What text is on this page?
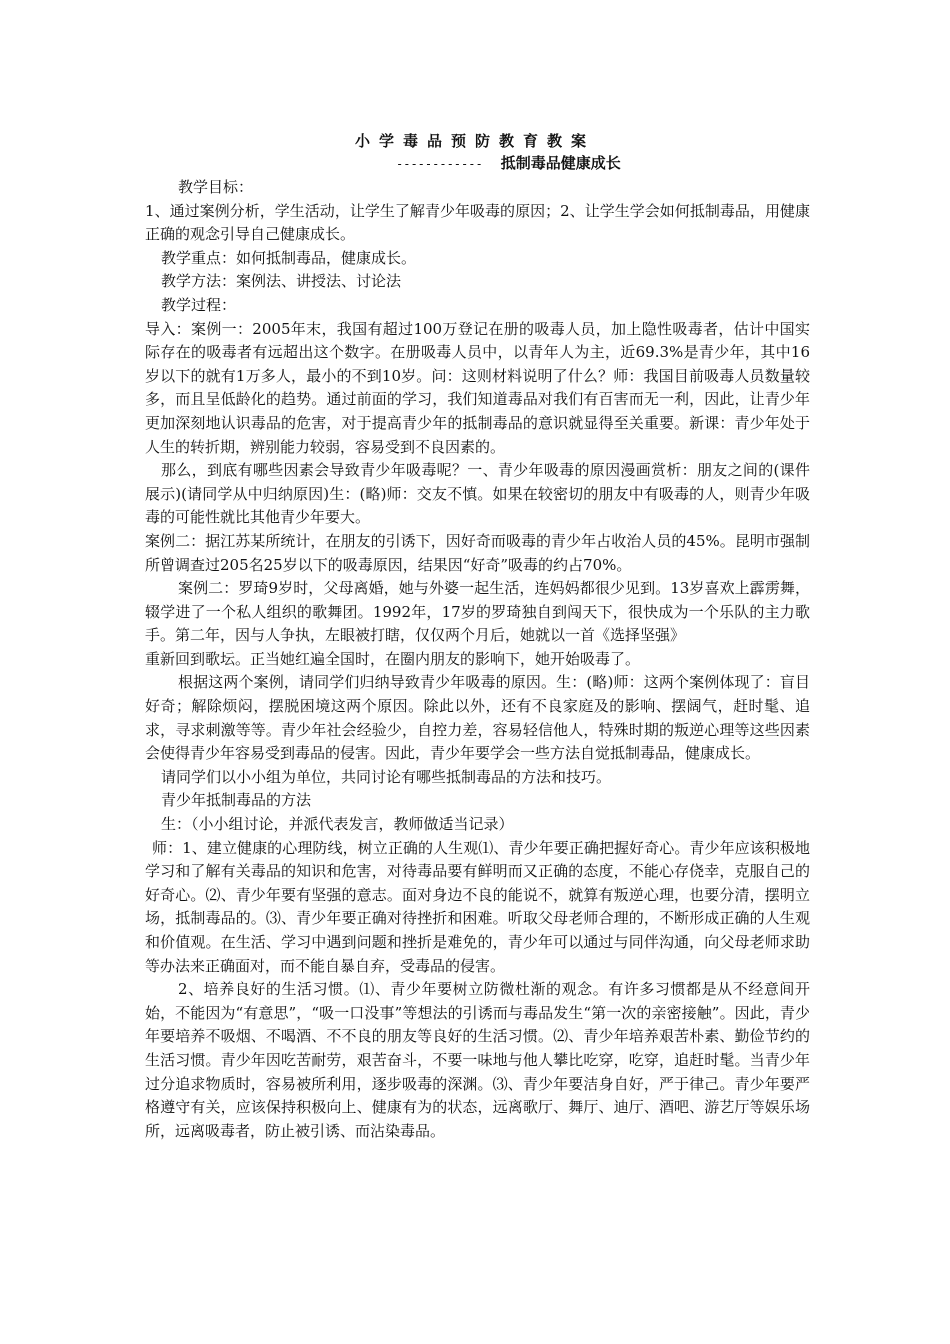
小学毒品预防教育教案
------------ 抵制毒品健康成长

教学目标：

1、通过案例分析，学生活动，让学生了解青少年吸毒的原因；2、让学生学会如何抵制毒品，用健康正确的观念引导自己健康成长。

教学重点：如何抵制毒品，健康成长。

教学方法：案例法、讲授法、讨论法

教学过程：

导入：案例一：2005年末，我国有超过100万登记在册的吸毒人员，加上隐性吸毒者，估计中国实际存在的吸毒者有远超出这个数字。在册吸毒人员中，以青年人为主，近69.3%是青少年，其中16岁以下的就有1万多人，最小的不到10岁。问：这则材料说明了什么？师：我国目前吸毒人员数量较多，而且呈低龄化的趋势。通过前面的学习，我们知道毒品对我们有百害而无一利，因此，让青少年更加深刻地认识毒品的危害，对于提高青少年的抵制毒品的意识就显得至关重要。新课：青少年处于人生的转折期，辨别能力较弱，容易受到不良因素的。

那么，到底有哪些因素会导致青少年吸毒呢？一、青少年吸毒的原因漫画赏析：朋友之间的(课件展示)(请同学从中归纳原因)生：(略)师：交友不慎。如果在较密切的朋友中有吸毒的人，则青少年吸毒的可能性就比其他青少年要大。

案例二：据江苏某所统计，在朋友的引诱下，因好奇而吸毒的青少年占收治人员的45%。昆明市强制所曾调查过205名25岁以下的吸毒原因，结果因“好奇”吸毒的约占70%。

案例二：罗琦9岁时，父母离婚，她与外婆一起生活，连妈妈都很少见到。13岁喜欢上霹雳舞，辍学进了一个私人组织的歌舞团。1992年，17岁的罗琦独自到闯天下，很快成为一个乐队的主力歌手。第二年，因与人争执，左眼被打瞎，仅仅两个月后，她就以一首《选择坚强》

重新回到歌坛。正当她红遍全国时，在圈内朋友的影响下，她开始吸毒了。

根据这两个案例，请同学们归纳导致青少年吸毒的原因。生：(略)师：这两个案例体现了：盲目好奇；解除烦闷，摆脱困境这两个原因。除此以外，还有不良家庭及的影响、摆阔气，赶时髦、追求，寻求刺激等等。青少年社会经验少，自控力差，容易轻信他人，特殊时期的叛逆心理等这些因素会使得青少年容易受到毒品的侵害。因此，青少年要学会一些方法自觉抵制毒品，健康成长。

请同学们以小小组为单位，共同讨论有哪些抵制毒品的方法和技巧。

青少年抵制毒品的方法

生：（小小组讨论，并派代表发言，教师做适当记录）

师：1、建立健康的心理防线，树立正确的人生观⑴、青少年要正确把握好奇心。青少年应该积极地学习和了解有关毒品的知识和危害，对待毒品要有鲜明而又正确的态度，不能心存侥幸，克服自己的好奇心。⑵、青少年要有坚强的意志。面对身边不良的能说不，就算有叛逆心理，也要分清，摆明立场，抵制毒品的。⑶、青少年要正确对待挫折和困难。听取父母老师合理的，不断形成正确的人生观和价值观。在生活、学习中遇到问题和挫折是难免的，青少年可以通过与同伴沟通，向父母老师求助等办法来正确面对，而不能自暴自弃，受毒品的侵害。

2、培养良好的生活习惯。⑴、青少年要树立防微杜渐的观念。有许多习惯都是从不经意间开始，不能因为“有意思”，“吸一口没事”等想法的引诱而与毒品发生“第一次的亲密接触”。因此，青少年要培养不吸烟、不喝酒、不不良的朋友等良好的生活习惯。⑵、青少年培养艰苦朴素、勤俭节约的生活习惯。青少年因吃苦耐劳，艰苦奋斗，不要一味地与他人攀比吃穿，吃穿，追赶时髦。当青少年过分追求物质时，容易被所利用，逐步吸毒的深渊。⑶、青少年要洁身自好，严于律己。青少年要严格遵守有关，应该保持积极向上、健康有为的状态，远离歌厅、舞厅、迪厅、酒吧、游艺厅等娱乐场所，远离吸毒者，防止被引诱、而沾染毒品。
